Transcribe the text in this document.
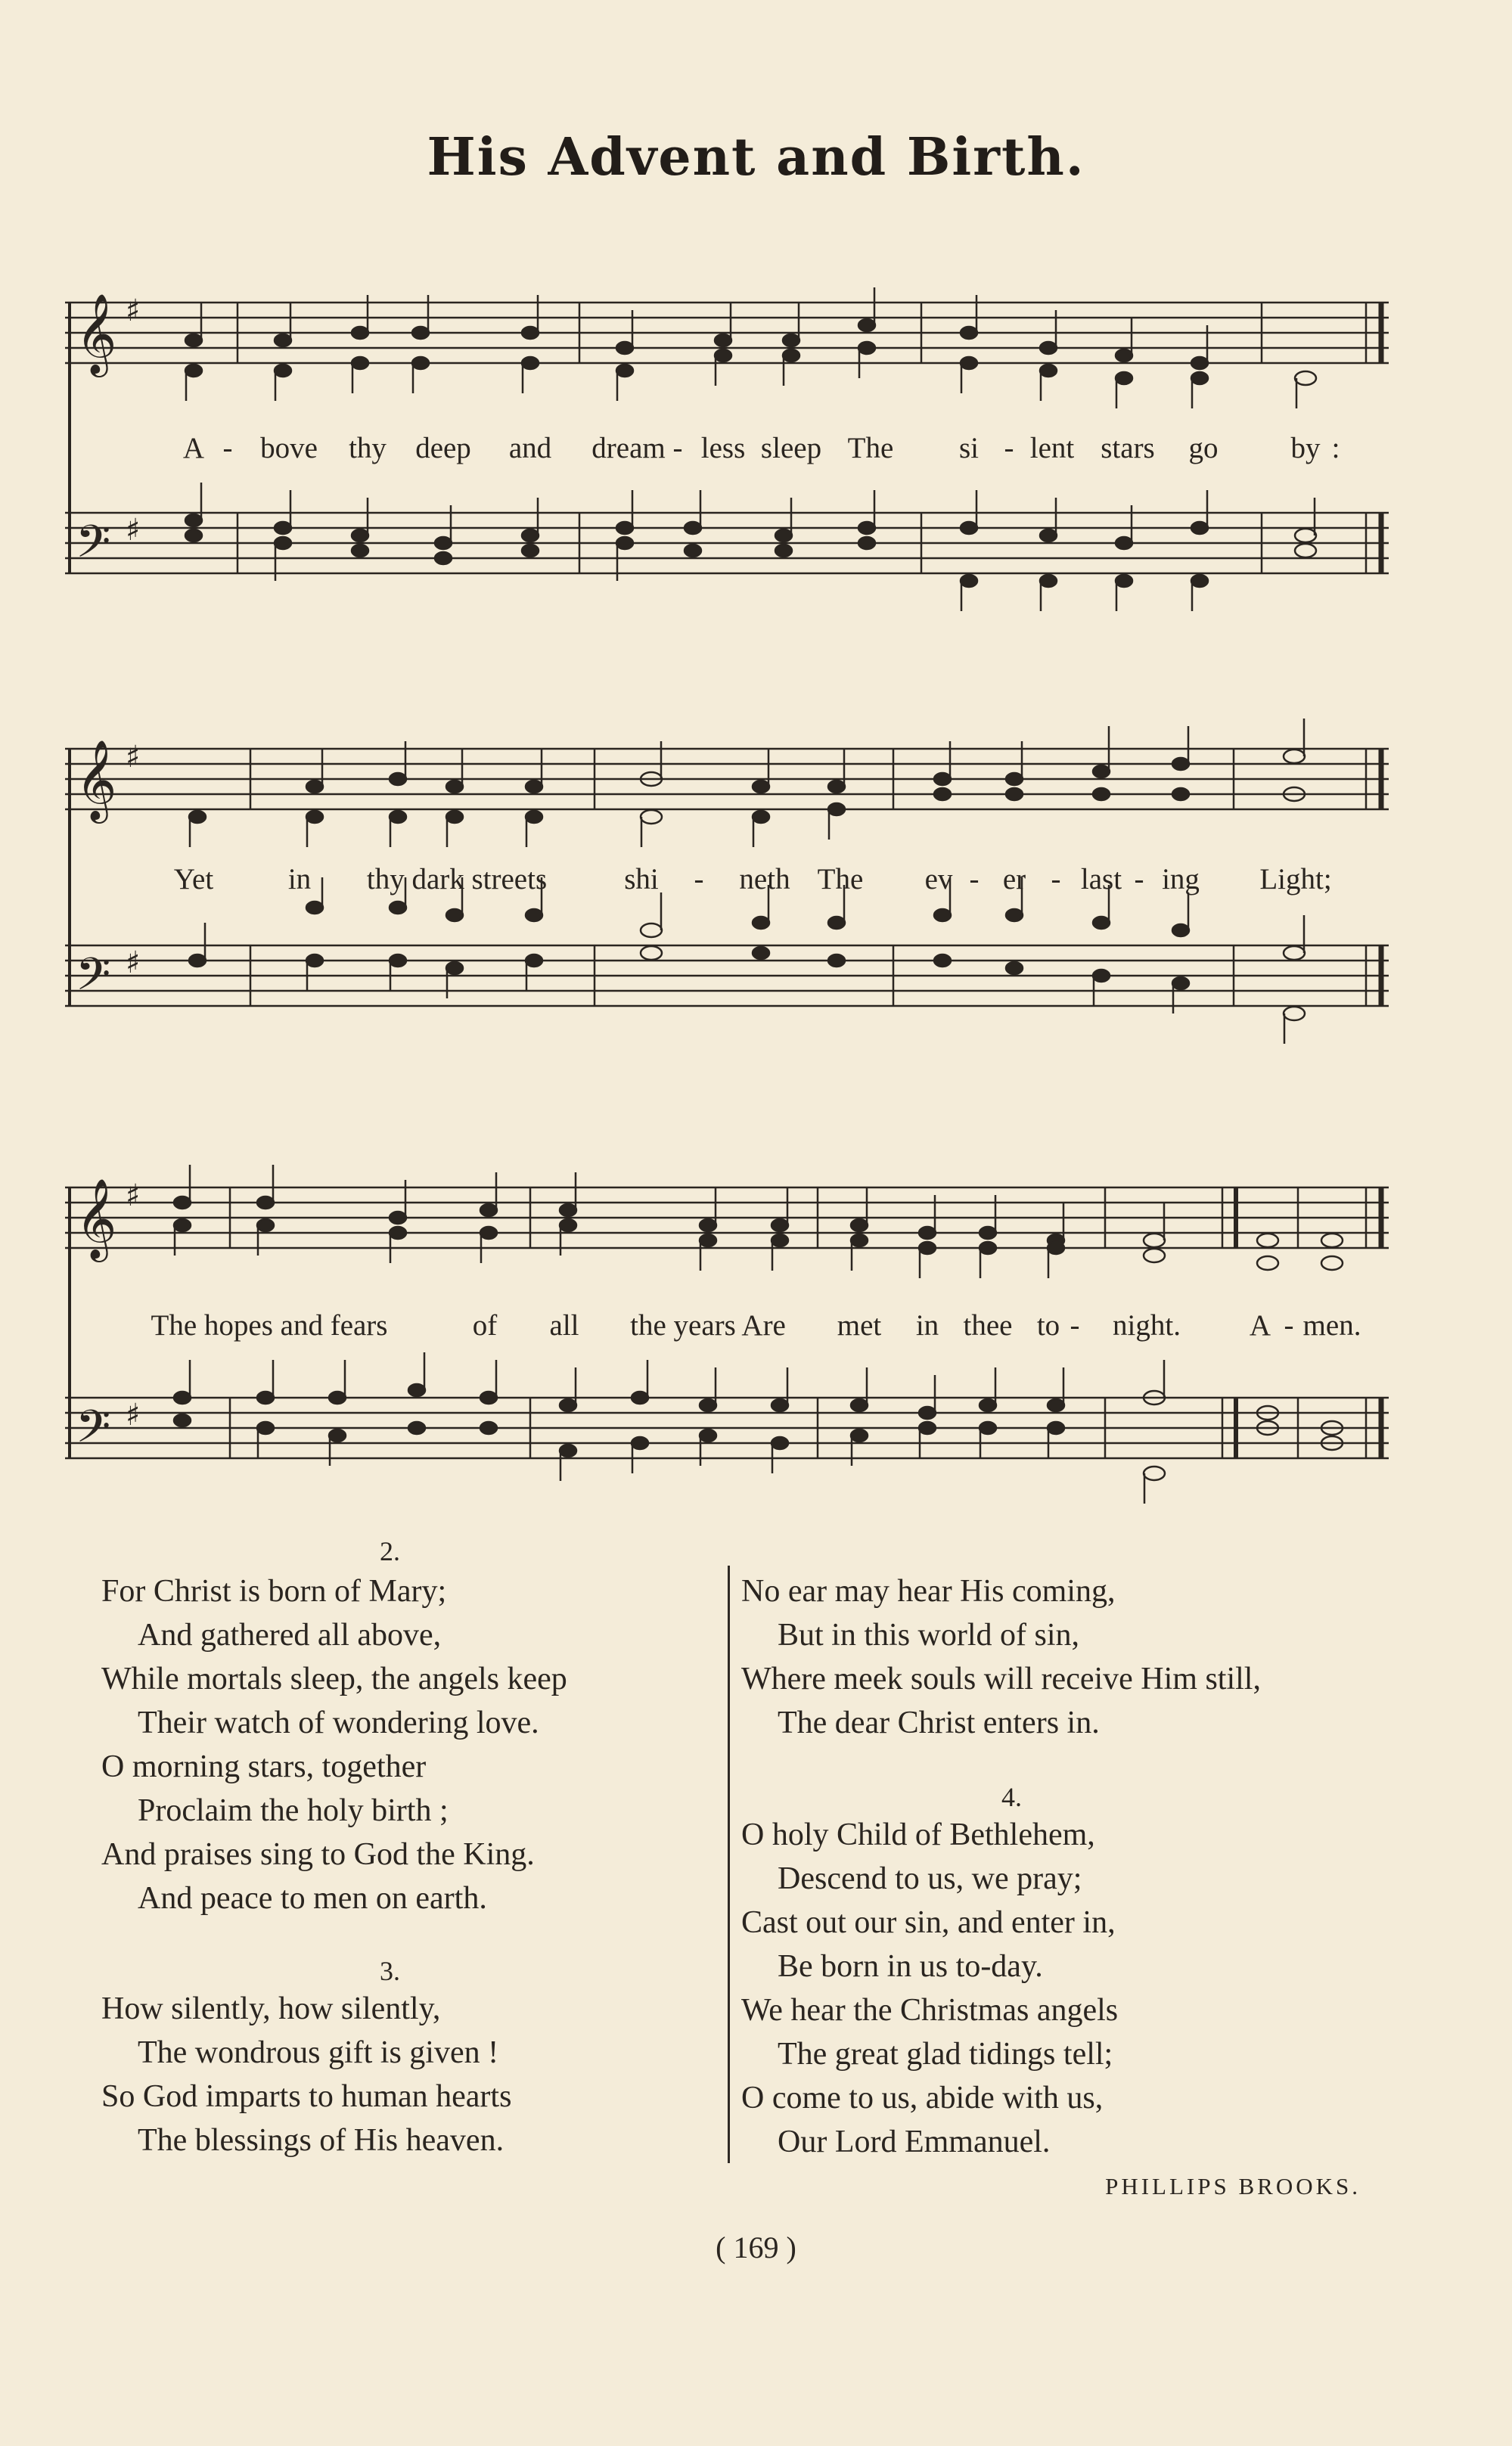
His Advent and Birth.
𝄞
𝄢
♯
♯
A - bove thy deep and dream - less sleep The si - lent stars go by :
𝄞
𝄢
♯
♯
Yet	in thy dark streets	shi - neth The ev - er - last - ing Light;
𝄞
𝄢
♯
♯
The hopes and fears	of all the years Are met in thee to - night. A - men.
2.
For Christ is born of Mary;
And gathered all above,
While mortals sleep, the angels keep
Their watch of wondering love.
O morning stars, together
Proclaim the holy birth ;
And praises sing to God the King.
And peace to men on earth.
3.
How silently, how silently,
The wondrous gift is given !
So God imparts to human hearts
The blessings of His heaven.
No ear may hear His coming,
But in this world of sin,
Where meek souls will receive Him still,
The dear Christ enters in.
4.
O holy Child of Bethlehem,
Descend to us, we pray;
Cast out our sin, and enter in,
Be born in us to-day.
We hear the Christmas angels
The great glad tidings tell;
O come to us, abide with us,
Our Lord Emmanuel.
PHILLIPS BROOKS.
( 169 )
